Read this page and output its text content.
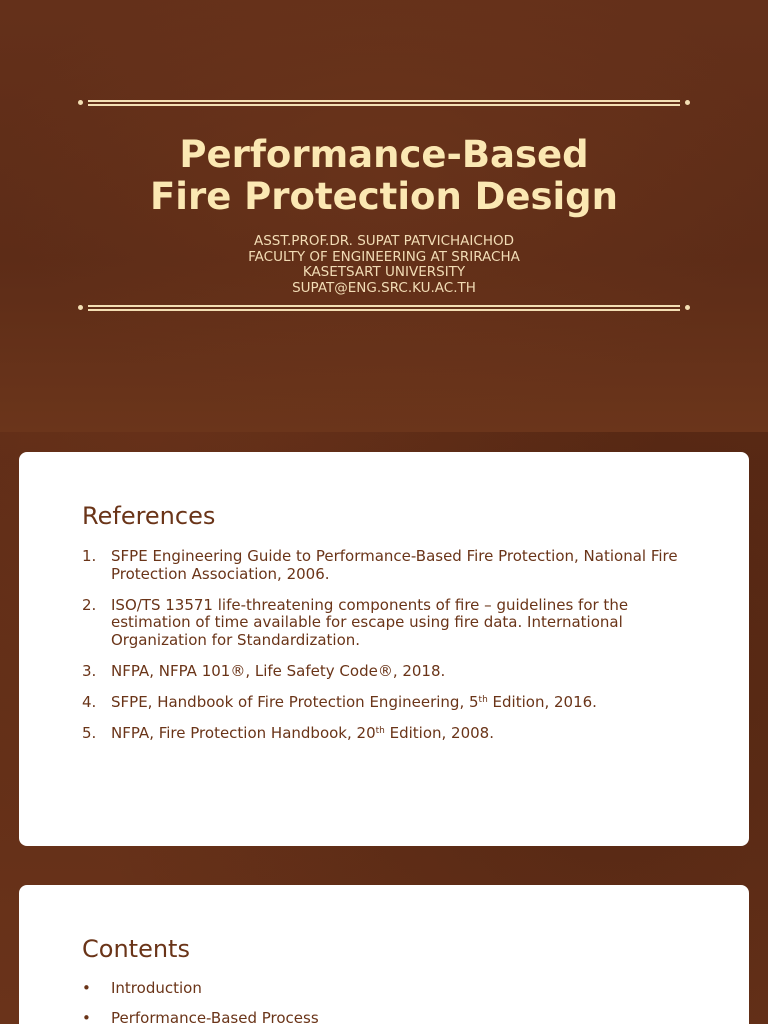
Performance-Based
Fire Protection Design
ASST.PROF.DR. SUPAT PATVICHAICHOD
FACULTY OF ENGINEERING AT SRIRACHA
KASETSART UNIVERSITY
SUPAT@ENG.SRC.KU.AC.TH
References
1. SFPE Engineering Guide to Performance-Based Fire Protection, National Fire Protection Association, 2006.
2. ISO/TS 13571 life-threatening components of fire – guidelines for the estimation of time available for escape using fire data. International Organization for Standardization.
3. NFPA, NFPA 101®, Life Safety Code®, 2018.
4. SFPE, Handbook of Fire Protection Engineering, 5th Edition, 2016.
5. NFPA, Fire Protection Handbook, 20th Edition, 2008.
Contents
• Introduction
• Performance-Based Process
